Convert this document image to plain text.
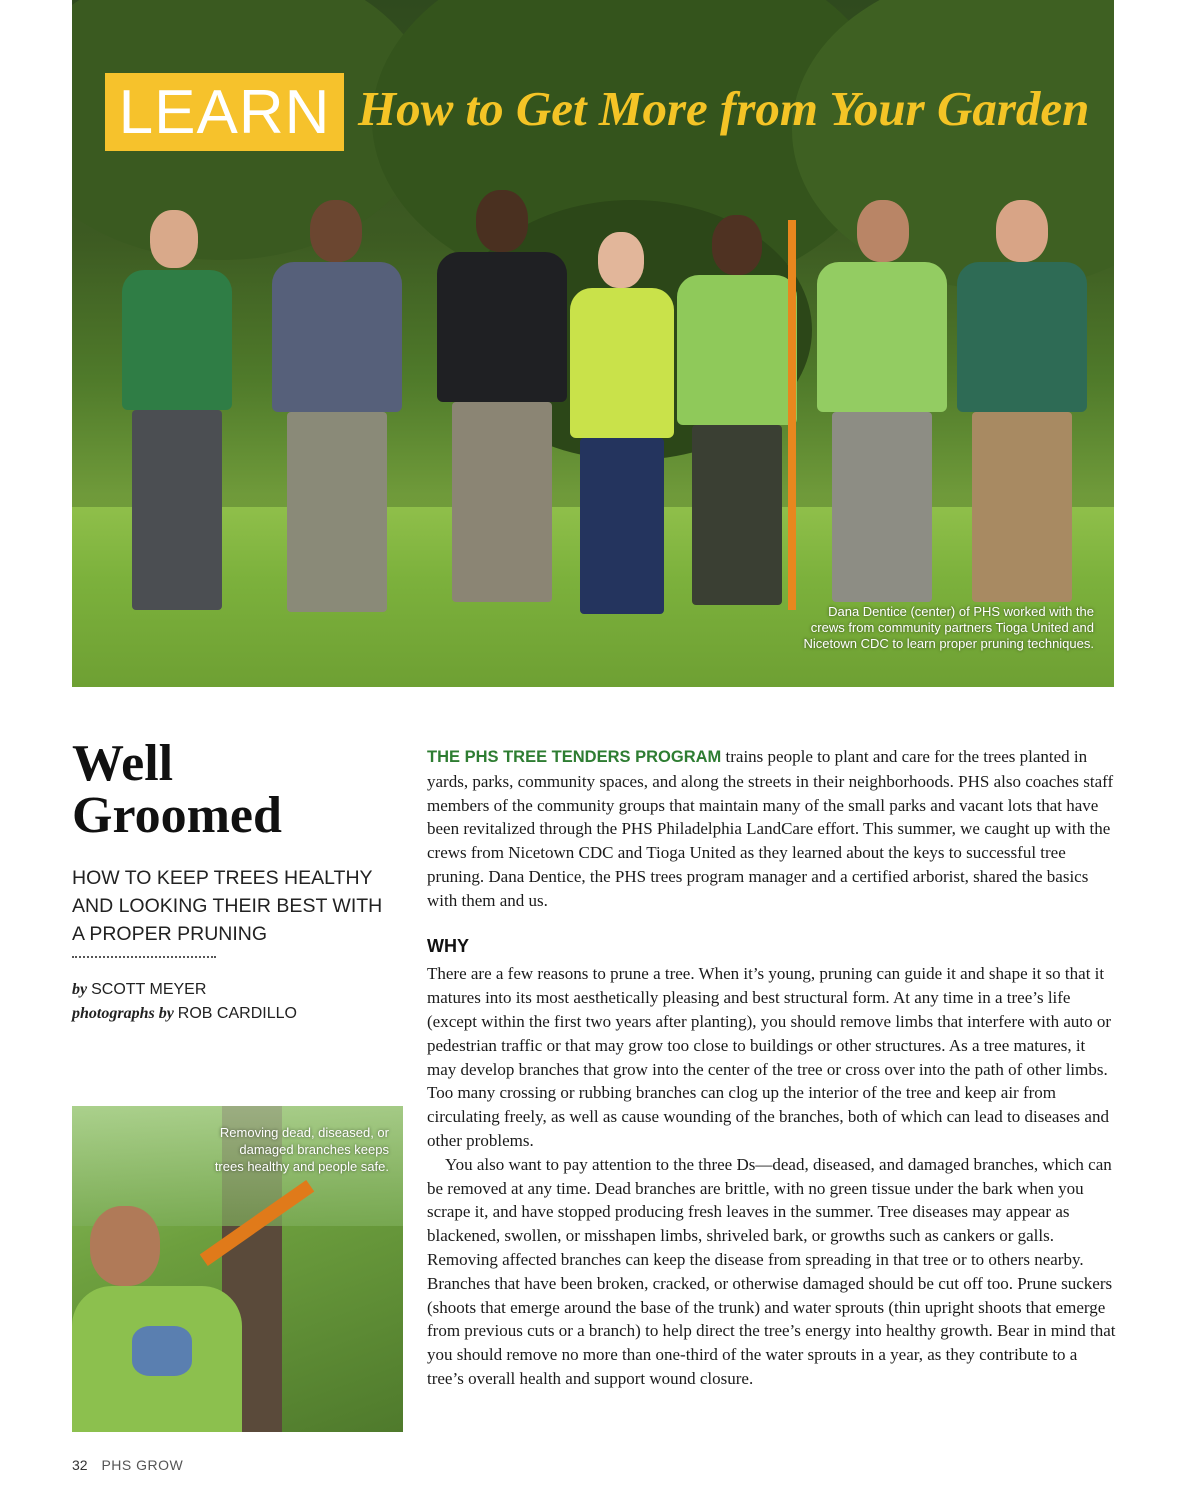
LEARN How to Get More from Your Garden
Dana Dentice (center) of PHS worked with the crews from community partners Tioga United and Nicetown CDC to learn proper pruning techniques.
Well
Groomed
HOW TO KEEP TREES HEALTHY AND LOOKING THEIR BEST WITH A PROPER PRUNING
by SCOTT MEYER
photographs by ROB CARDILLO
Removing dead, diseased, or damaged branches keeps trees healthy and people safe.

THE PHS TREE TENDERS PROGRAM trains people to plant and care for the trees planted in yards, parks, community spaces, and along the streets in their neighborhoods. PHS also coaches staff members of the community groups that maintain many of the small parks and vacant lots that have been revitalized through the PHS Philadelphia LandCare effort. This summer, we caught up with the crews from Nicetown CDC and Tioga United as they learned about the keys to successful tree pruning. Dana Dentice, the PHS trees program manager and a certified arborist, shared the basics with them and us.

WHY

There are a few reasons to prune a tree. When it’s young, pruning can guide it and shape it so that it matures into its most aesthetically pleasing and best structural form. At any time in a tree’s life (except within the first two years after planting), you should remove limbs that interfere with auto or pedestrian traffic or that may grow too close to buildings or other structures. As a tree matures, it may develop branches that grow into the center of the tree or cross over into the path of other limbs. Too many crossing or rubbing branches can clog up the interior of the tree and keep air from circulating freely, as well as cause wounding of the branches, both of which can lead to diseases and other problems.

You also want to pay attention to the three Ds—dead, diseased, and damaged branches, which can be removed at any time. Dead branches are brittle, with no green tissue under the bark when you scrape it, and have stopped producing fresh leaves in the summer. Tree diseases may appear as blackened, swollen, or misshapen limbs, shriveled bark, or growths such as cankers or galls. Removing affected branches can keep the disease from spreading in that tree or to others nearby. Branches that have been broken, cracked, or otherwise damaged should be cut off too. Prune suckers (shoots that emerge around the base of the trunk) and water sprouts (thin upright shoots that emerge from previous cuts or a branch) to help direct the tree’s energy into healthy growth. Bear in mind that you should remove no more than one-third of the water sprouts in a year, as they contribute to a tree’s overall health and support wound closure.

32 PHS GROW
